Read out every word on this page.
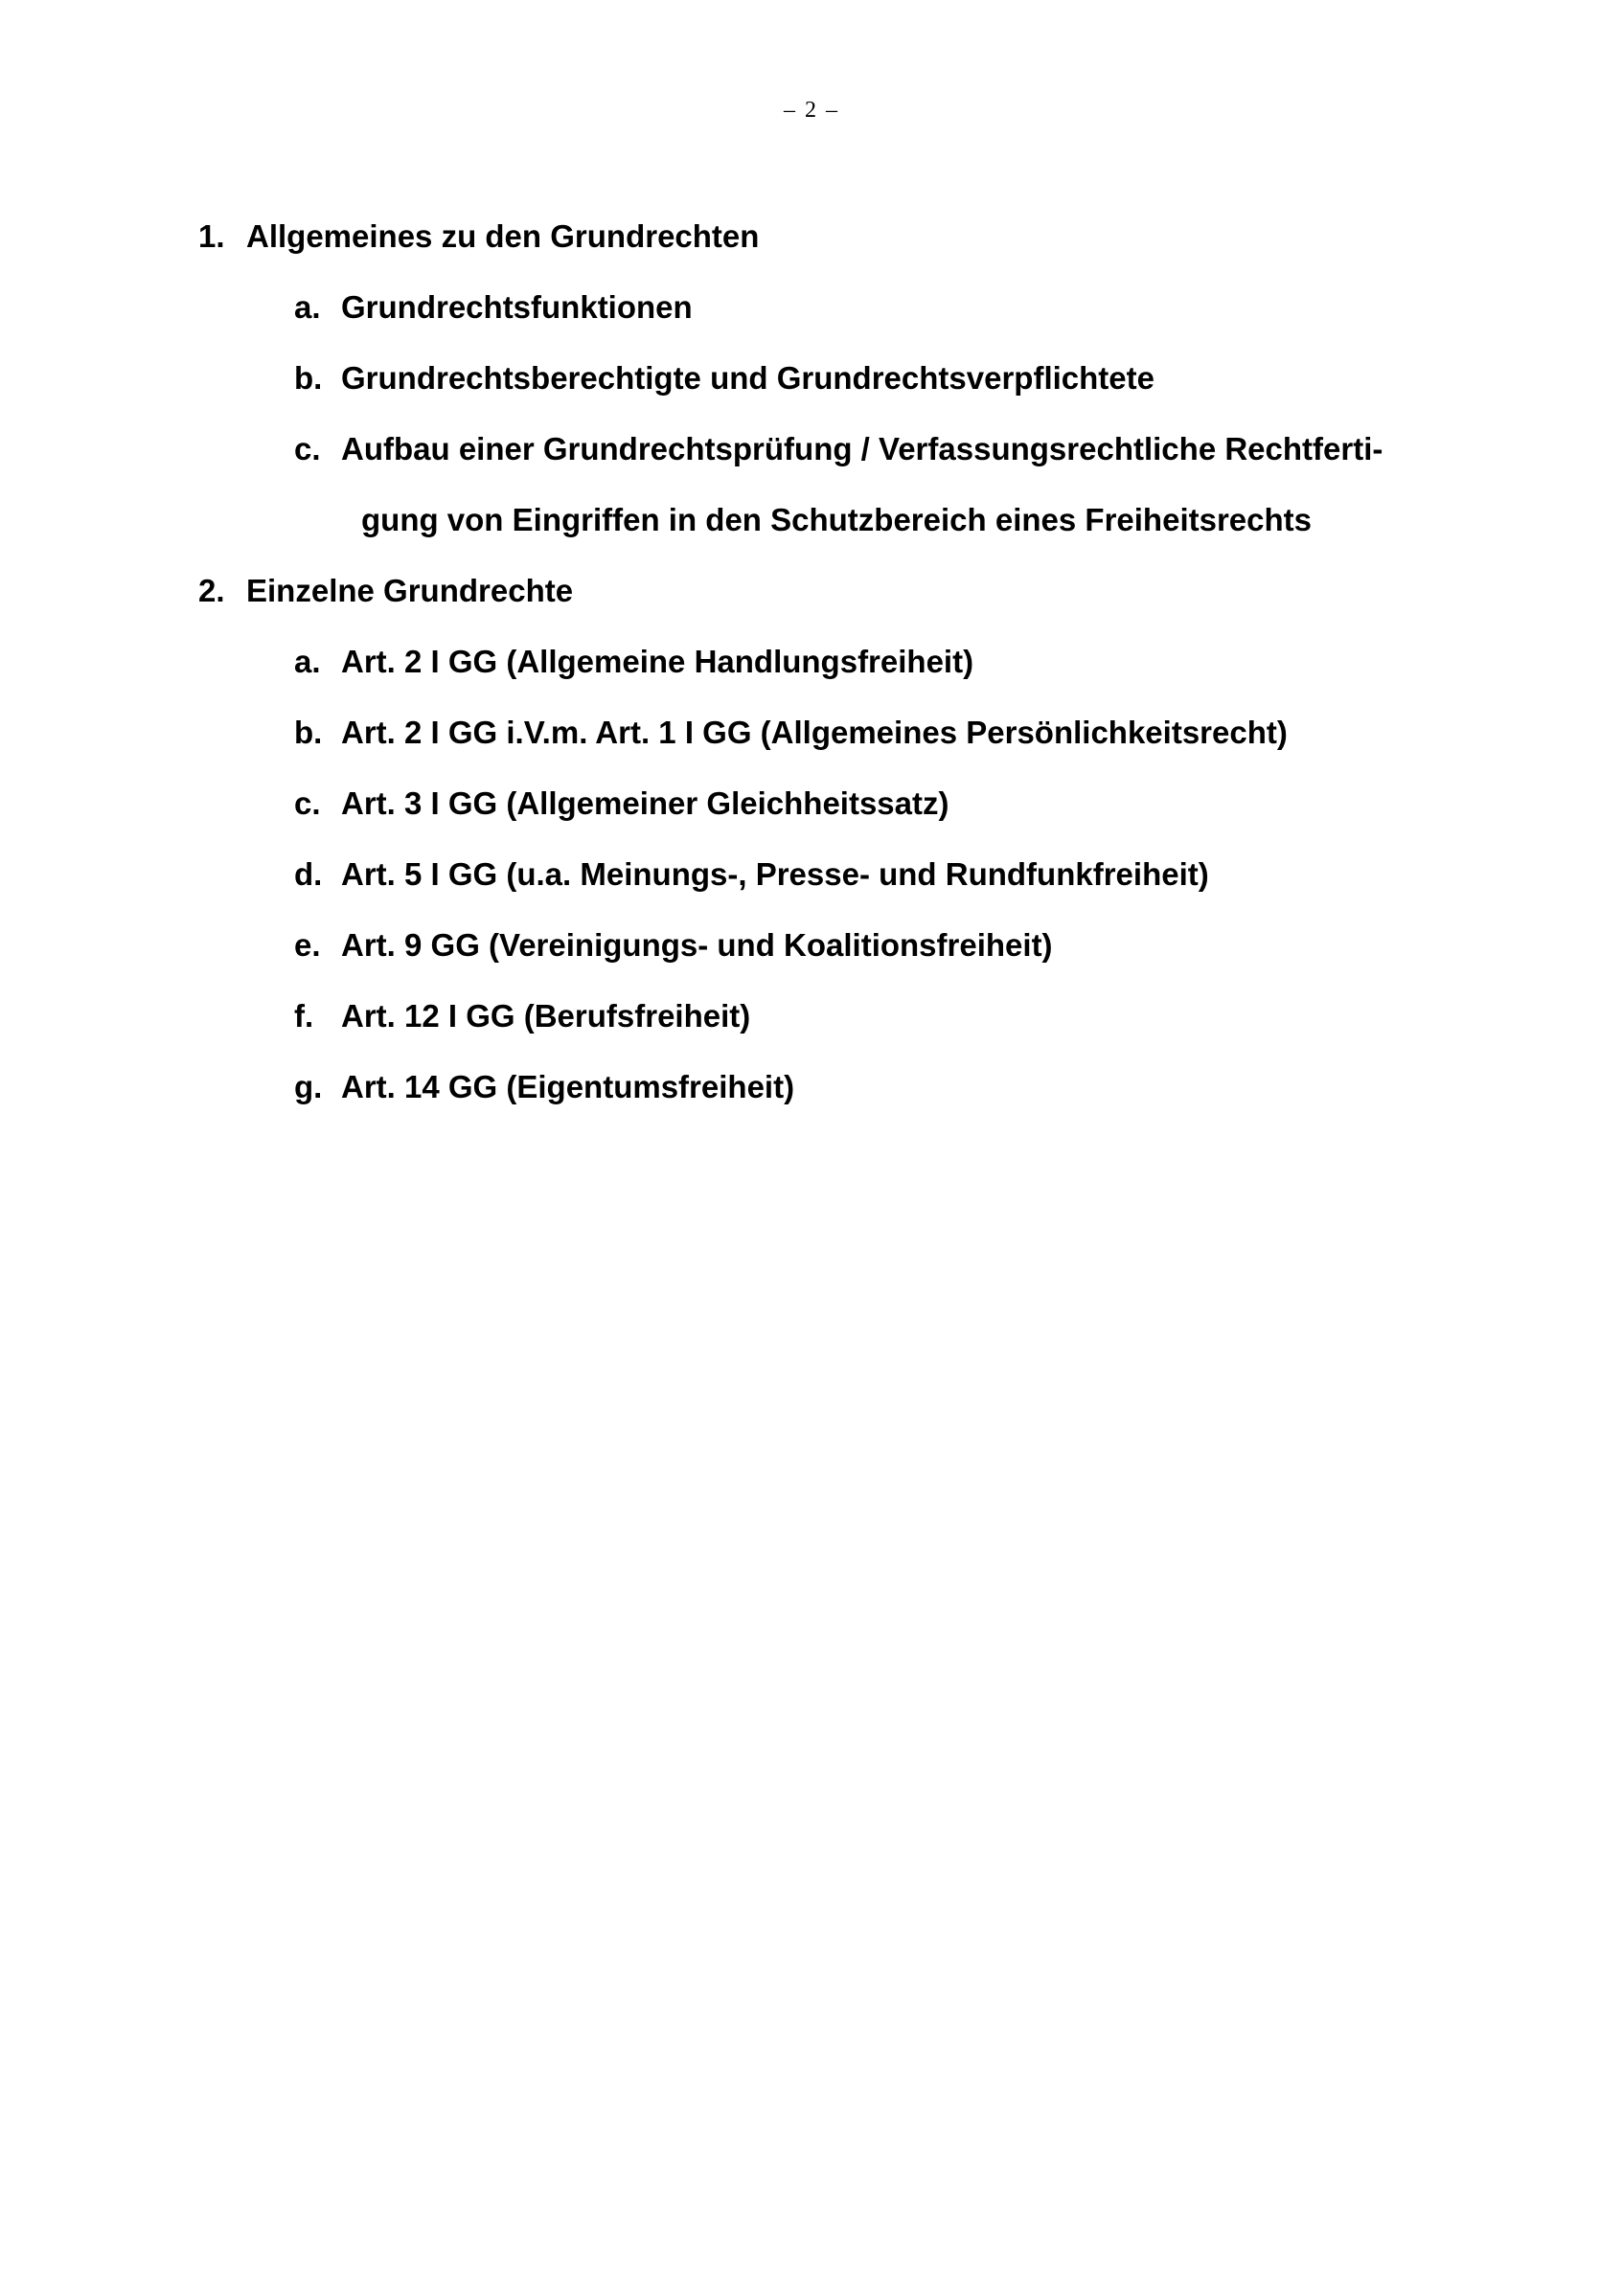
– 2 –
1. Allgemeines zu den Grundrechten
a. Grundrechtsfunktionen
b. Grundrechtsberechtigte und Grundrechtsverpflichtete
c. Aufbau einer Grundrechtsprüfung / Verfassungsrechtliche Rechtferti-
gung von Eingriffen in den Schutzbereich eines Freiheitsrechts
2. Einzelne Grundrechte
a. Art. 2 I GG (Allgemeine Handlungsfreiheit)
b. Art. 2 I GG i.V.m. Art. 1 I GG (Allgemeines Persönlichkeitsrecht)
c. Art. 3 I GG (Allgemeiner Gleichheitssatz)
d. Art. 5 I GG (u.a. Meinungs-, Presse- und Rundfunkfreiheit)
e. Art. 9 GG (Vereinigungs- und Koalitionsfreiheit)
f. Art. 12 I GG (Berufsfreiheit)
g. Art. 14 GG (Eigentumsfreiheit)
